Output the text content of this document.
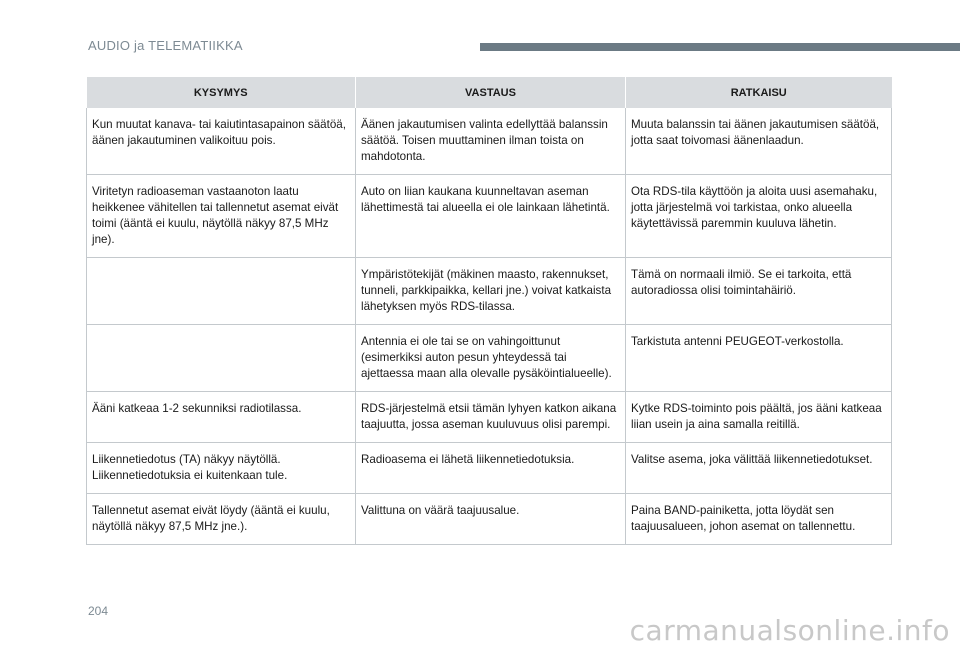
AUDIO ja TELEMATIIKKA
KYSYMYS	VASTAUS	RATKAISU
Kun muutat kanava- tai kaiutintasapainon säätöä, äänen jakautuminen valikoituu pois.	Äänen jakautumisen valinta edellyttää balanssin säätöä. Toisen muuttaminen ilman toista on mahdotonta.	Muuta balanssin tai äänen jakautumisen säätöä, jotta saat toivomasi äänenlaadun.
Viritetyn radioaseman vastaanoton laatu heikkenee vähitellen tai tallennetut asemat eivät toimi (ääntä ei kuulu, näytöllä näkyy 87,5 MHz jne).	Auto on liian kaukana kuunneltavan aseman lähettimestä tai alueella ei ole lainkaan lähetintä.	Ota RDS-tila käyttöön ja aloita uusi asemahaku, jotta järjestelmä voi tarkistaa, onko alueella käytettävissä paremmin kuuluva lähetin.
	Ympäristötekijät (mäkinen maasto, rakennukset, tunneli, parkkipaikka, kellari jne.) voivat katkaista lähetyksen myös RDS-tilassa.	Tämä on normaali ilmiö. Se ei tarkoita, että autoradiossa olisi toimintahäiriö.
	Antennia ei ole tai se on vahingoittunut (esimerkiksi auton pesun yhteydessä tai ajettaessa maan alla olevalle pysäköintialueelle).	Tarkistuta antenni PEUGEOT-verkostolla.
Ääni katkeaa 1-2 sekunniksi radiotilassa.	RDS-järjestelmä etsii tämän lyhyen katkon aikana taajuutta, jossa aseman kuuluvuus olisi parempi.	Kytke RDS-toiminto pois päältä, jos ääni katkeaa liian usein ja aina samalla reitillä.
Liikennetiedotus (TA) näkyy näytöllä. Liikennetiedotuksia ei kuitenkaan tule.	Radioasema ei lähetä liikennetiedotuksia.	Valitse asema, joka välittää liikennetiedotukset.
Tallennetut asemat eivät löydy (ääntä ei kuulu, näytöllä näkyy 87,5 MHz jne.).	Valittuna on väärä taajuusalue.	Paina BAND-painiketta, jotta löydät sen taajuusalueen, johon asemat on tallennettu.
204
carmanualsonline.info
